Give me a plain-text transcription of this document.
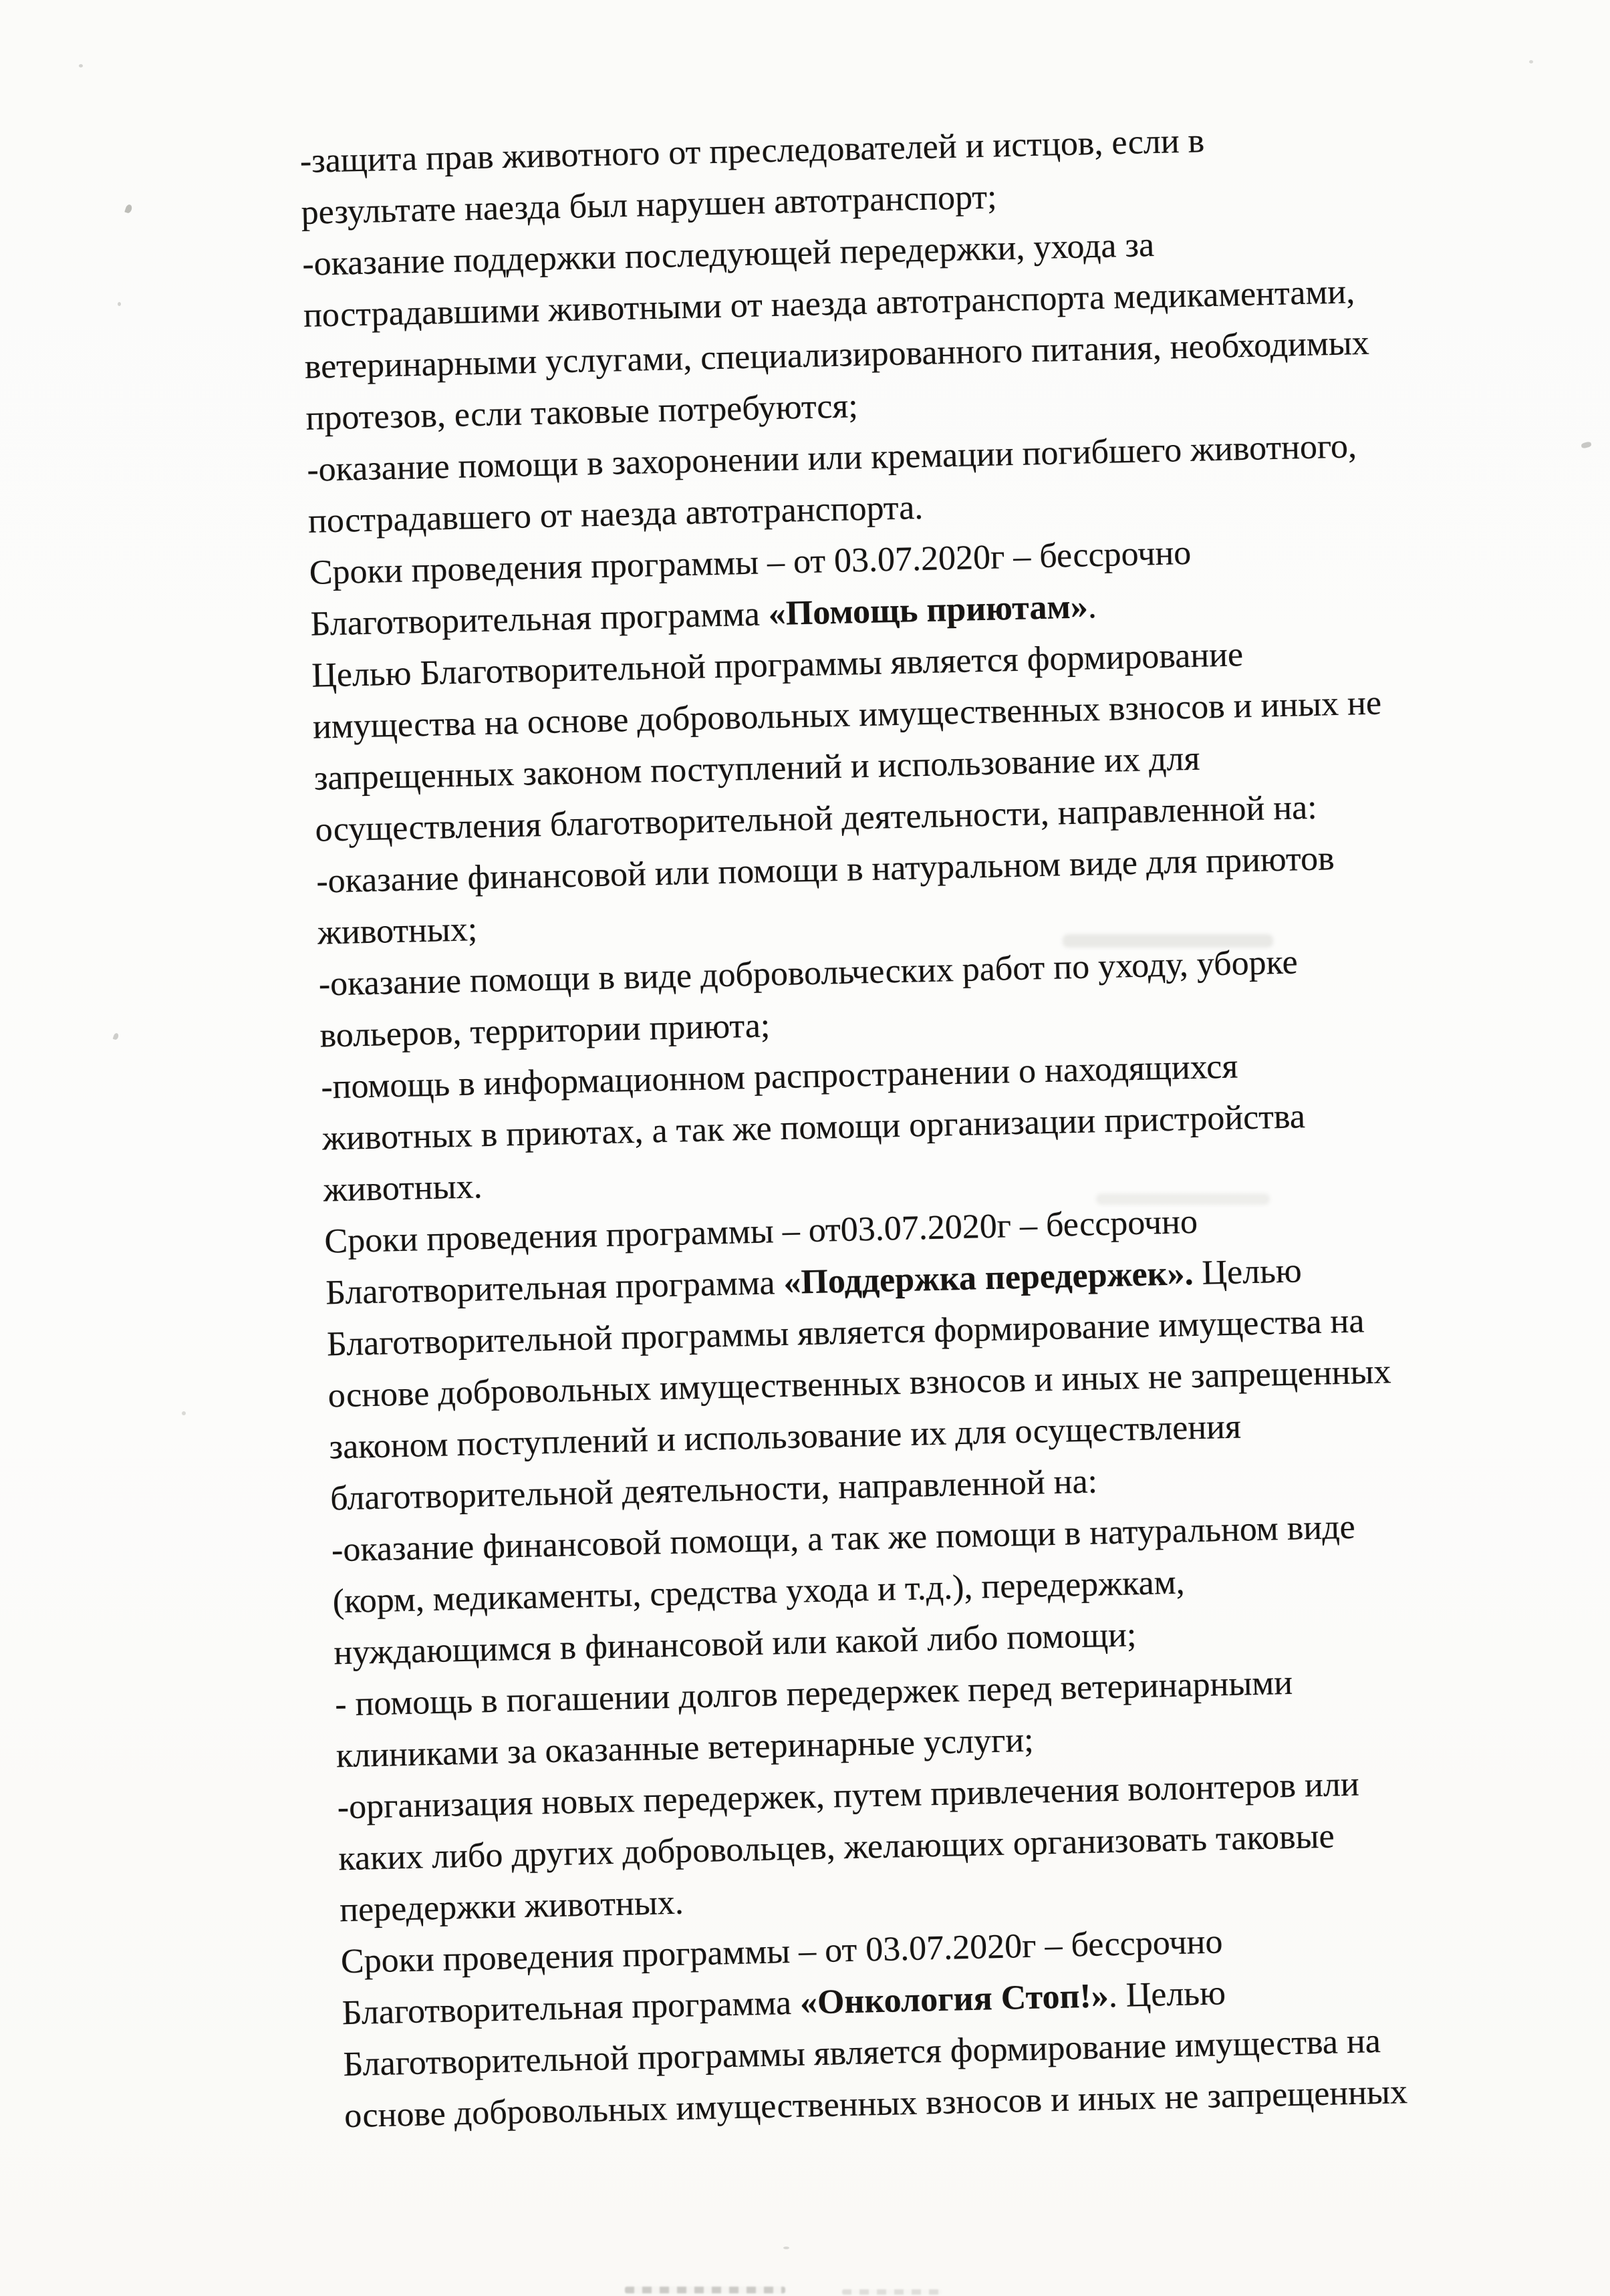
-защита прав животного от преследователей и истцов, если в
результате наезда был нарушен автотранспорт;
-оказание поддержки последующей передержки, ухода за
пострадавшими животными от наезда автотранспорта медикаментами,
ветеринарными услугами, специализированного питания, необходимых
протезов, если таковые потребуются;
-оказание помощи в захоронении или кремации погибшего животного,
пострадавшего от наезда автотранспорта.
Сроки проведения программы – от 03.07.2020г – бессрочно
Благотворительная программа «Помощь приютам».
Целью Благотворительной программы является формирование
имущества на основе добровольных имущественных взносов и иных не
запрещенных законом поступлений и использование их для
осуществления благотворительной деятельности, направленной на:
-оказание финансовой или помощи в натуральном виде для приютов
животных;
-оказание помощи в виде добровольческих работ по уходу, уборке
вольеров, территории приюта;
-помощь в информационном распространении о находящихся
животных в приютах, а так же помощи организации пристройства
животных.
Сроки проведения программы – от03.07.2020г – бессрочно
Благотворительная программа «Поддержка передержек». Целью
Благотворительной программы является формирование имущества на
основе добровольных имущественных взносов и иных не запрещенных
законом поступлений и использование их для осуществления
благотворительной деятельности, направленной на:
-оказание финансовой помощи, а так же помощи в натуральном виде
(корм, медикаменты, средства ухода и т.д.), передержкам,
нуждающимся в финансовой или какой либо помощи;
- помощь в погашении долгов передержек перед ветеринарными
клиниками за оказанные ветеринарные услуги;
-организация новых передержек, путем привлечения волонтеров или
каких либо других добровольцев, желающих организовать таковые
передержки животных.
Сроки проведения программы – от 03.07.2020г – бессрочно
Благотворительная программа «Онкология Стоп!». Целью
Благотворительной программы является формирование имущества на
основе добровольных имущественных взносов и иных не запрещенных
